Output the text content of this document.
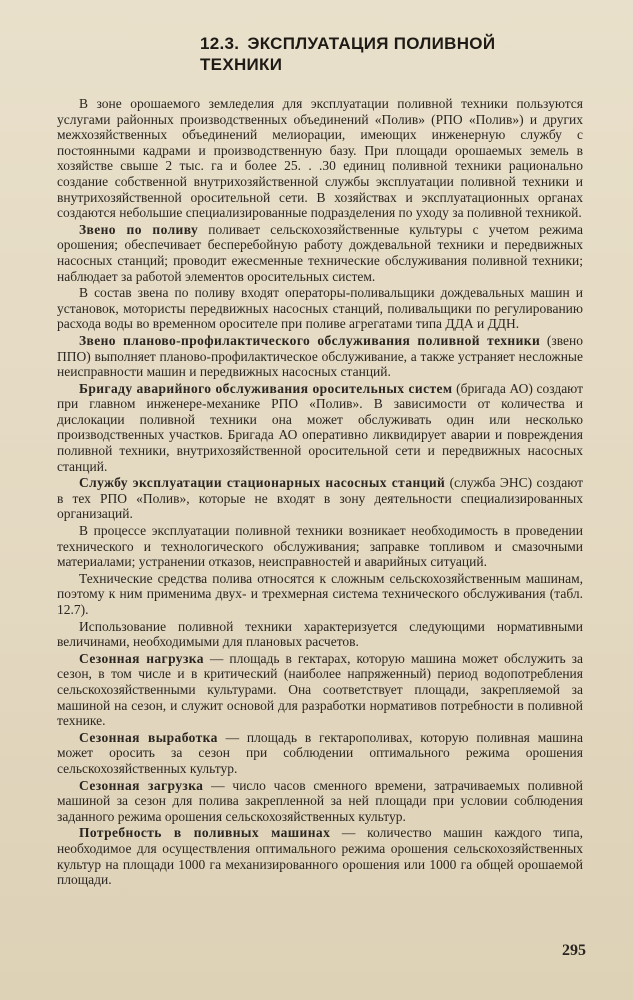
12.3. ЭКСПЛУАТАЦИЯ ПОЛИВНОЙ ТЕХНИКИ

В зоне орошаемого земледелия для эксплуатации поливной техники пользуются услугами районных производственных объединений «Полив» (РПО «Полив») и других межхозяйственных объединений мелиорации, имеющих инженерную службу с постоянными кадрами и производственную базу. При площади орошаемых земель в хозяйстве свыше 2 тыс. га и более 25. . .30 единиц поливной техники рационально создание собственной внутрихозяйственной службы эксплуатации поливной техники и внутрихозяйственной оросительной сети. В хозяйствах и эксплуатационных органах создаются небольшие специализированные подразделения по уходу за поливной техникой.

Звено по поливу поливает сельскохозяйственные культуры с учетом режима орошения; обеспечивает бесперебойную работу дождевальной техники и передвижных насосных станций; проводит ежесменные технические обслуживания поливной техники; наблюдает за работой элементов оросительных систем.

В состав звена по поливу входят операторы-поливальщики дождевальных машин и установок, мотористы передвижных насосных станций, поливальщики по регулированию расхода воды во временном оросителе при поливе агрегатами типа ДДА и ДДН.

Звено планово-профилактического обслуживания поливной техники (звено ППО) выполняет планово-профилактическое обслуживание, а также устраняет несложные неисправности машин и передвижных насосных станций.

Бригаду аварийного обслуживания оросительных систем (бригада АО) создают при главном инженере-механике РПО «Полив». В зависимости от количества и дислокации поливной техники она может обслуживать один или несколько производственных участков. Бригада АО оперативно ликвидирует аварии и повреждения поливной техники, внутрихозяйственной оросительной сети и передвижных насосных станций.

Службу эксплуатации стационарных насосных станций (служба ЭНС) создают в тех РПО «Полив», которые не входят в зону деятельности специализированных организаций.

В процессе эксплуатации поливной техники возникает необходимость в проведении технического и технологического обслуживания; заправке топливом и смазочными материалами; устранении отказов, неисправностей и аварийных ситуаций.

Технические средства полива относятся к сложным сельскохозяйственным машинам, поэтому к ним применима двух- и трехмерная система технического обслуживания (табл. 12.7).

Использование поливной техники характеризуется следующими нормативными величинами, необходимыми для плановых расчетов.

Сезонная нагрузка — площадь в гектарах, которую машина может обслужить за сезон, в том числе и в критический (наиболее напряженный) период водопотребления сельскохозяйственными культурами. Она соответствует площади, закрепляемой за машиной на сезон, и служит основой для разработки нормативов потребности в поливной технике.

Сезонная выработка — площадь в гектарополивах, которую поливная машина может оросить за сезон при соблюдении оптимального режима орошения сельскохозяйственных культур.

Сезонная загрузка — число часов сменного времени, затрачиваемых поливной машиной за сезон для полива закрепленной за ней площади при условии соблюдения заданного режима орошения сельскохозяйственных культур.

Потребность в поливных машинах — количество машин каждого типа, необходимое для осуществления оптимального режима орошения сельскохозяйственных культур на площади 1000 га механизированного орошения или 1000 га общей орошаемой площади.

295
